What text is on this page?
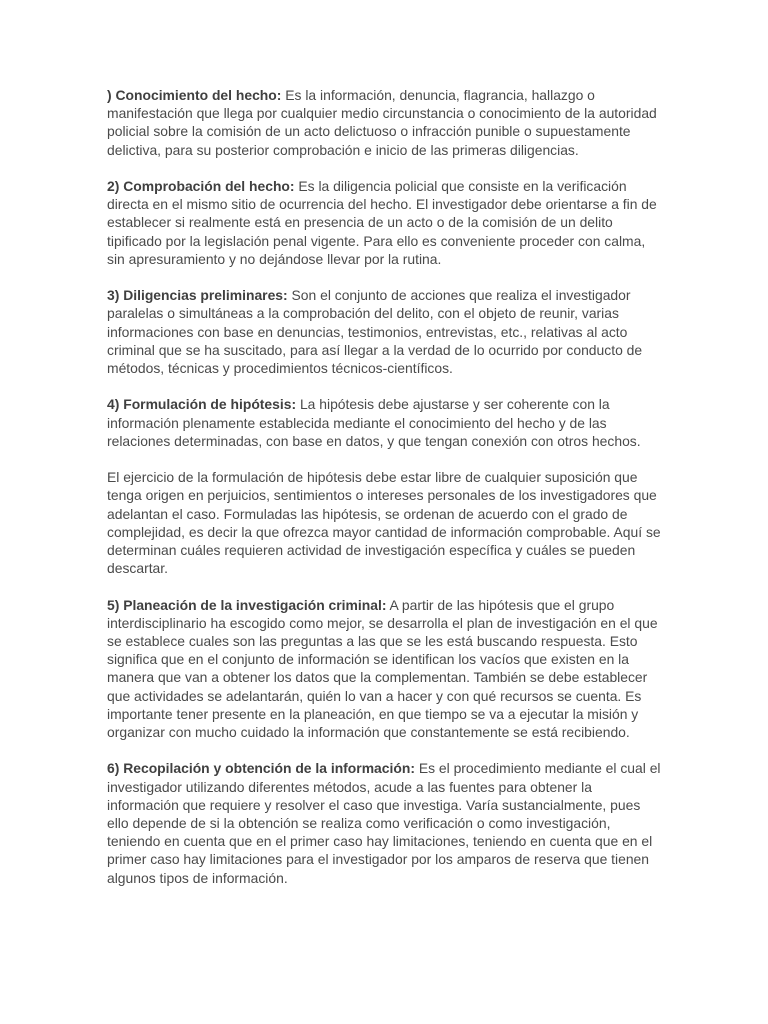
) Conocimiento del hecho: Es la información, denuncia, flagrancia, hallazgo o manifestación que llega por cualquier medio circunstancia o conocimiento de la autoridad policial sobre la comisión de un acto delictuoso o infracción punible o supuestamente delictiva, para su posterior comprobación e inicio de las primeras diligencias.

2) Comprobación del hecho: Es la diligencia policial que consiste en la verificación directa en el mismo sitio de ocurrencia del hecho. El investigador debe orientarse a fin de establecer si realmente está en presencia de un acto o de la comisión de un delito tipificado por la legislación penal vigente. Para ello es conveniente proceder con calma, sin apresuramiento y no dejándose llevar por la rutina.

3) Diligencias preliminares: Son el conjunto de acciones que realiza el investigador paralelas o simultáneas a la comprobación del delito, con el objeto de reunir, varias informaciones con base en denuncias, testimonios, entrevistas, etc., relativas al acto criminal que se ha suscitado, para así llegar a la verdad de lo ocurrido por conducto de métodos, técnicas y procedimientos técnicos-científicos.

4) Formulación de hipótesis: La hipótesis debe ajustarse y ser coherente con la información plenamente establecida mediante el conocimiento del hecho y de las relaciones determinadas, con base en datos, y que tengan conexión con otros hechos.

El ejercicio de la formulación de hipótesis debe estar libre de cualquier suposición que tenga origen en perjuicios, sentimientos o intereses personales de los investigadores que adelantan el caso. Formuladas las hipótesis, se ordenan de acuerdo con el grado de complejidad, es decir la que ofrezca mayor cantidad de información comprobable. Aquí se determinan cuáles requieren actividad de investigación específica y cuáles se pueden descartar.

5) Planeación de la investigación criminal: A partir de las hipótesis que el grupo interdisciplinario ha escogido como mejor, se desarrolla el plan de investigación en el que se establece cuales son las preguntas a las que se les está buscando respuesta. Esto significa que en el conjunto de información se identifican los vacíos que existen en la manera que van a obtener los datos que la complementan. También se debe establecer que actividades se adelantarán, quién lo van a hacer y con qué recursos se cuenta. Es importante tener presente en la planeación, en que tiempo se va a ejecutar la misión y organizar con mucho cuidado la información que constantemente se está recibiendo.

6) Recopilación y obtención de la información: Es el procedimiento mediante el cual el investigador utilizando diferentes métodos, acude a las fuentes para obtener la información que requiere y resolver el caso que investiga. Varía sustancialmente, pues ello depende de si la obtención se realiza como verificación o como investigación, teniendo en cuenta que en el primer caso hay limitaciones, teniendo en cuenta que en el primer caso hay limitaciones para el investigador por los amparos de reserva que tienen algunos tipos de información.
